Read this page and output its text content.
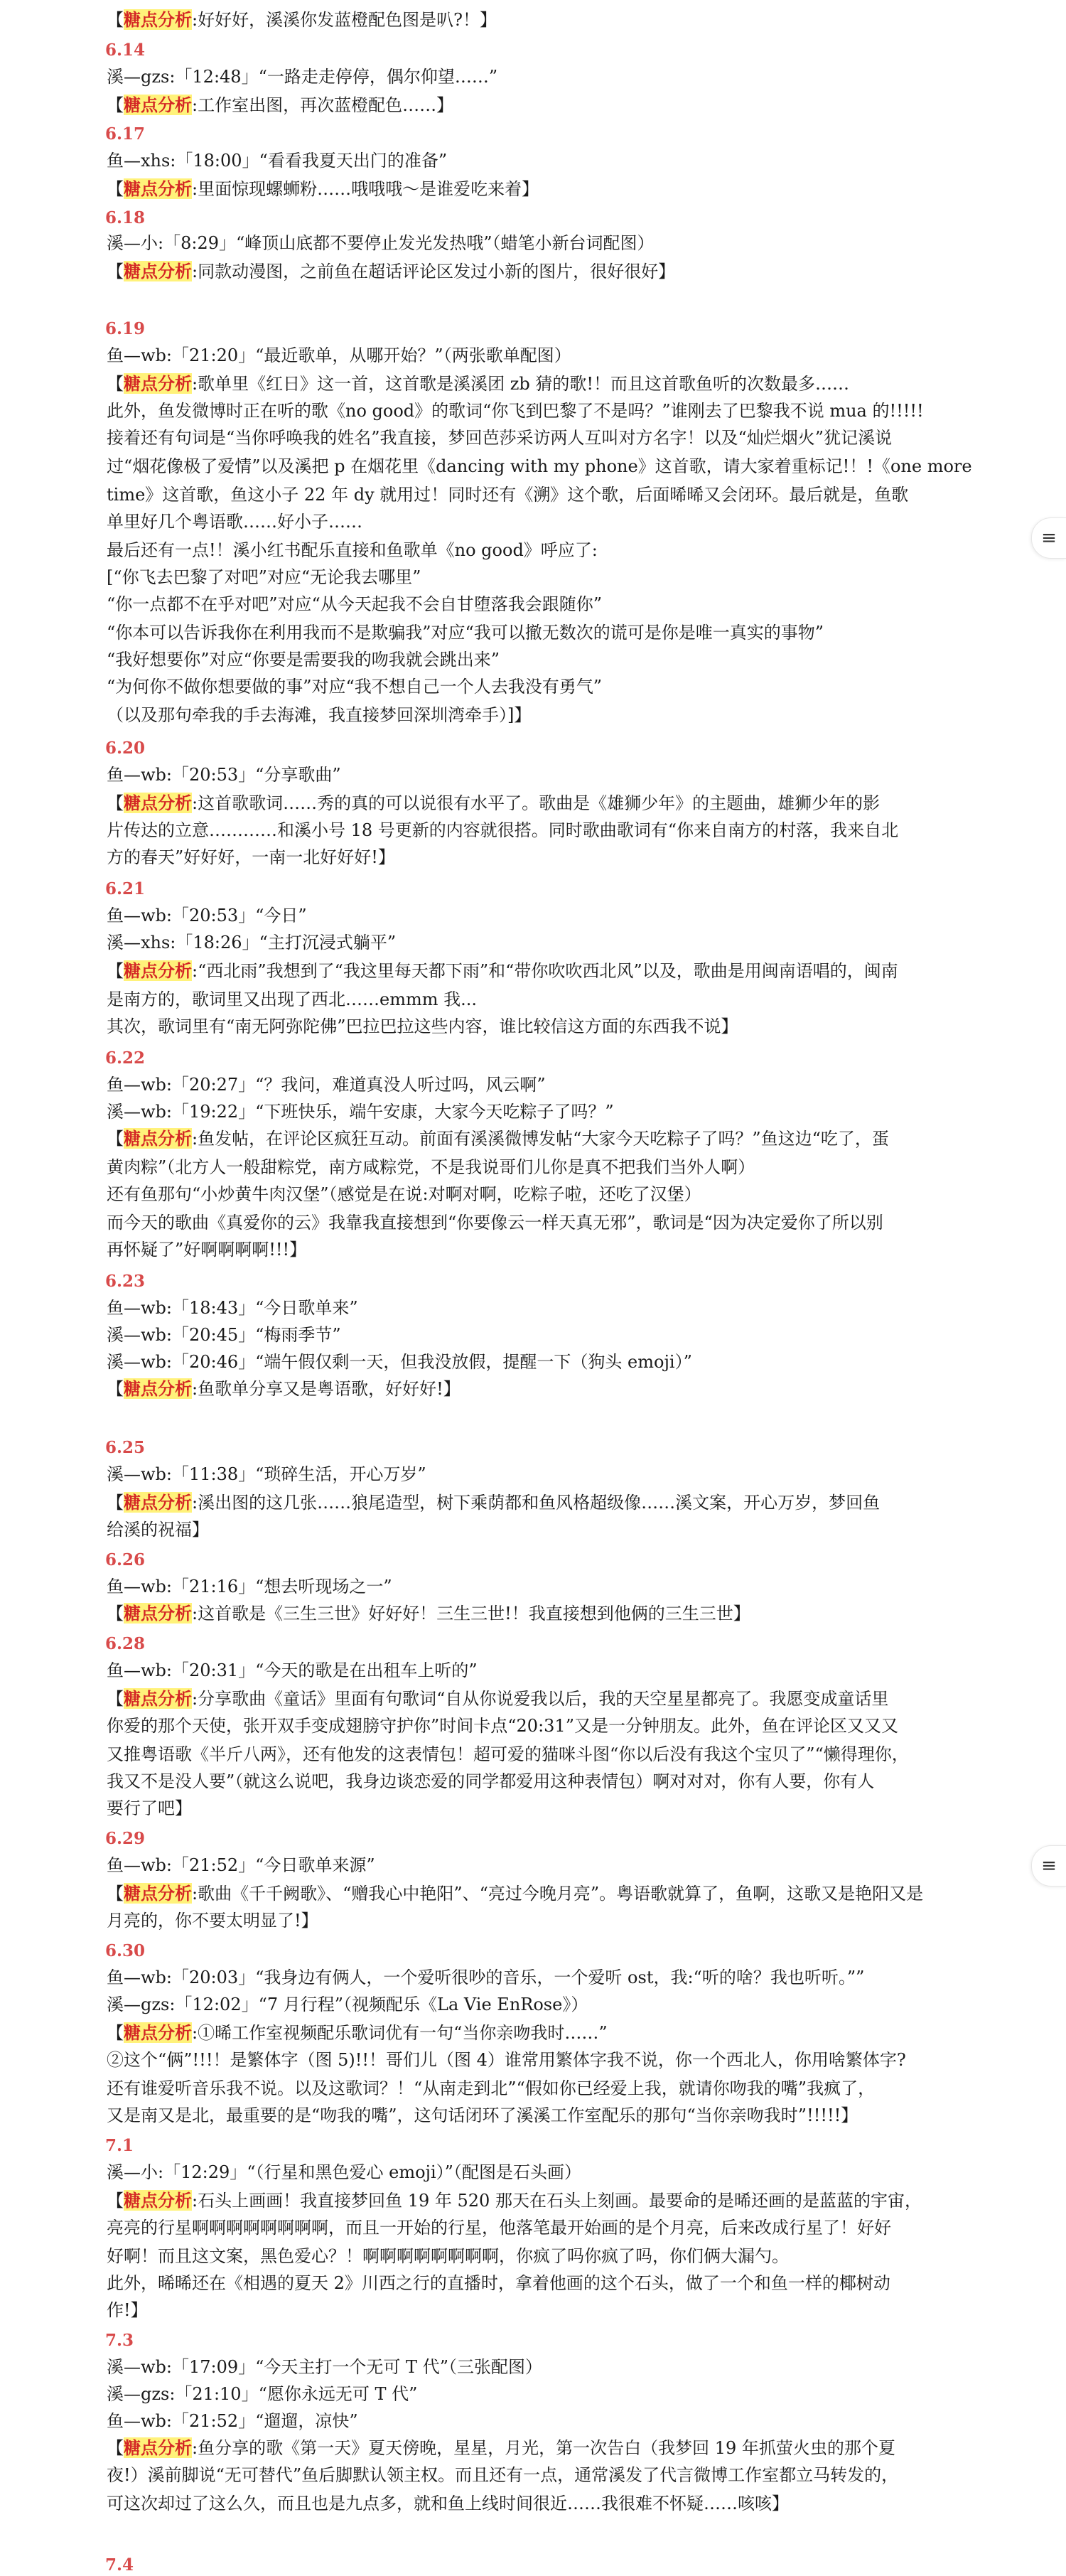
【糖点分析:好好好，溪溪你发蓝橙配色图是叭?！】
6.14
溪—gzs:「12:48」“一路走走停停，偶尔仰望……”
【糖点分析:工作室出图，再次蓝橙配色……】
6.17
鱼—xhs:「18:00」“看看我夏天出门的准备”
【糖点分析:里面惊现螺蛳粉……哦哦哦～是谁爱吃来着】
6.18
溪—小:「8:29」“峰顶山底都不要停止发光发热哦”（蜡笔小新台词配图）
【糖点分析:同款动漫图，之前鱼在超话评论区发过小新的图片，很好很好】
6.19
鱼—wb:「21:20」“最近歌单，从哪开始？”（两张歌单配图）
【糖点分析:歌单里《红日》这一首，这首歌是溪溪团 zb 猜的歌!！而且这首歌鱼听的次数最多……
此外，鱼发微博时正在听的歌《no good》的歌词“你飞到巴黎了不是吗？”谁刚去了巴黎我不说 mua 的!!!!!
接着还有句词是“当你呼唤我的姓名”我直接，梦回芭莎采访两人互叫对方名字！以及“灿烂烟火”犹记溪说
过“烟花像极了爱情”以及溪把 p 在烟花里《dancing with my phone》这首歌，请大家着重标记!！!《one more
time》这首歌，鱼这小子 22 年 dy 就用过！同时还有《溯》这个歌，后面晞晞又会闭环。最后就是，鱼歌
单里好几个粤语歌……好小子……
最后还有一点!！溪小红书配乐直接和鱼歌单《no good》呼应了:
[“你飞去巴黎了对吧”对应“无论我去哪里”
“你一点都不在乎对吧”对应“从今天起我不会自甘堕落我会跟随你”
“你本可以告诉我你在利用我而不是欺骗我”对应“我可以撤无数次的谎可是你是唯一真实的事物”
“我好想要你”对应“你要是需要我的吻我就会跳出来”
“为何你不做你想要做的事”对应“我不想自己一个人去我没有勇气”
（以及那句牵我的手去海滩，我直接梦回深圳湾牵手）]】
6.20
鱼—wb:「20:53」“分享歌曲”
【糖点分析:这首歌歌词……秀的真的可以说很有水平了。歌曲是《雄狮少年》的主题曲，雄狮少年的影
片传达的立意…………和溪小号 18 号更新的内容就很搭。同时歌曲歌词有“你来自南方的村落，我来自北
方的春天”好好好，一南一北好好好!】
6.21
鱼—wb:「20:53」“今日”
溪—xhs:「18:26」“主打沉浸式躺平”
【糖点分析:“西北雨”我想到了“我这里每天都下雨”和“带你吹吹西北风”以及，歌曲是用闽南语唱的，闽南
是南方的，歌词里又出现了西北……emmm 我...
其次，歌词里有“南无阿弥陀佛”巴拉巴拉这些内容，谁比较信这方面的东西我不说】
6.22
鱼—wb:「20:27」“？我问，难道真没人听过吗，风云啊”
溪—wb:「19:22」“下班快乐，端午安康，大家今天吃粽子了吗？”
【糖点分析:鱼发帖，在评论区疯狂互动。前面有溪溪微博发帖“大家今天吃粽子了吗？”鱼这边“吃了，蛋
黄肉粽”（北方人一般甜粽党，南方咸粽党，不是我说哥们儿你是真不把我们当外人啊）
还有鱼那句“小炒黄牛肉汉堡”（感觉是在说:对啊对啊，吃粽子啦，还吃了汉堡）
而今天的歌曲《真爱你的云》我靠我直接想到“你要像云一样天真无邪”，歌词是“因为决定爱你了所以别
再怀疑了”好啊啊啊啊!!!】
6.23
鱼—wb:「18:43」“今日歌单来”
溪—wb:「20:45」“梅雨季节”
溪—wb:「20:46」“端午假仅剩一天，但我没放假，提醒一下（狗头 emoji）”
【糖点分析:鱼歌单分享又是粤语歌，好好好!】
6.25
溪—wb:「11:38」“琐碎生活，开心万岁”
【糖点分析:溪出图的这几张……狼尾造型，树下乘荫都和鱼风格超级像……溪文案，开心万岁，梦回鱼
给溪的祝福】
6.26
鱼—wb:「21:16」“想去听现场之一”
【糖点分析:这首歌是《三生三世》好好好！三生三世!！我直接想到他俩的三生三世】
6.28
鱼—wb:「20:31」“今天的歌是在出租车上听的”
【糖点分析:分享歌曲《童话》里面有句歌词“自从你说爱我以后，我的天空星星都亮了。我愿变成童话里
你爱的那个天使，张开双手变成翅膀守护你”时间卡点“20:31”又是一分钟朋友。此外，鱼在评论区又又又
又推粤语歌《半斤八两》，还有他发的这表情包！超可爱的猫咪斗图“你以后没有我这个宝贝了”“懒得理你，
我又不是没人要”（就这么说吧，我身边谈恋爱的同学都爱用这种表情包）啊对对对，你有人要，你有人
要行了吧】
6.29
鱼—wb:「21:52」“今日歌单来源”
【糖点分析:歌曲《千千阙歌》、“赠我心中艳阳”、“亮过今晚月亮”。粤语歌就算了，鱼啊，这歌又是艳阳又是
月亮的，你不要太明显了!】
6.30
鱼—wb:「20:03」“我身边有俩人，一个爱听很吵的音乐，一个爱听 ost，我:“听的啥？我也听听。””
溪—gzs:「12:02」“7 月行程”（视频配乐《La Vie EnRose》）
【糖点分析:①晞工作室视频配乐歌词优有一句“当你亲吻我时……”
②这个“俩”!!!！是繁体字（图 5)!!！哥们儿（图 4）谁常用繁体字我不说，你一个西北人，你用啥繁体字?
还有谁爱听音乐我不说。以及这歌词？！“从南走到北”“假如你已经爱上我，就请你吻我的嘴”我疯了，
又是南又是北，最重要的是“吻我的嘴”，这句话闭环了溪溪工作室配乐的那句“当你亲吻我时”!!!!!】
7.1
溪—小:「12:29」“（行星和黑色爱心 emoji）”（配图是石头画）
【糖点分析:石头上画画！我直接梦回鱼 19 年 520 那天在石头上刻画。最要命的是晞还画的是蓝蓝的宇宙，
亮亮的行星啊啊啊啊啊啊啊啊，而且一开始的行星，他落笔最开始画的是个月亮，后来改成行星了！好好
好啊！而且这文案，黑色爱心？！啊啊啊啊啊啊啊啊，你疯了吗你疯了吗，你们俩大漏勺。
此外，晞晞还在《相遇的夏天 2》川西之行的直播时，拿着他画的这个石头，做了一个和鱼一样的椰树动
作!】
7.3
溪—wb:「17:09」“今天主打一个无可 T 代”（三张配图）
溪—gzs:「21:10」“愿你永远无可 T 代”
鱼—wb:「21:52」“遛遛，凉快”
【糖点分析:鱼分享的歌《第一天》夏天傍晚，星星，月光，第一次告白（我梦回 19 年抓萤火虫的那个夏
夜!）溪前脚说“无可替代”鱼后脚默认领主权。而且还有一点，通常溪发了代言微博工作室都立马转发的，
可这次却过了这么久，而且也是九点多，就和鱼上线时间很近……我很难不怀疑……咳咳】
7.4
≡
≡
